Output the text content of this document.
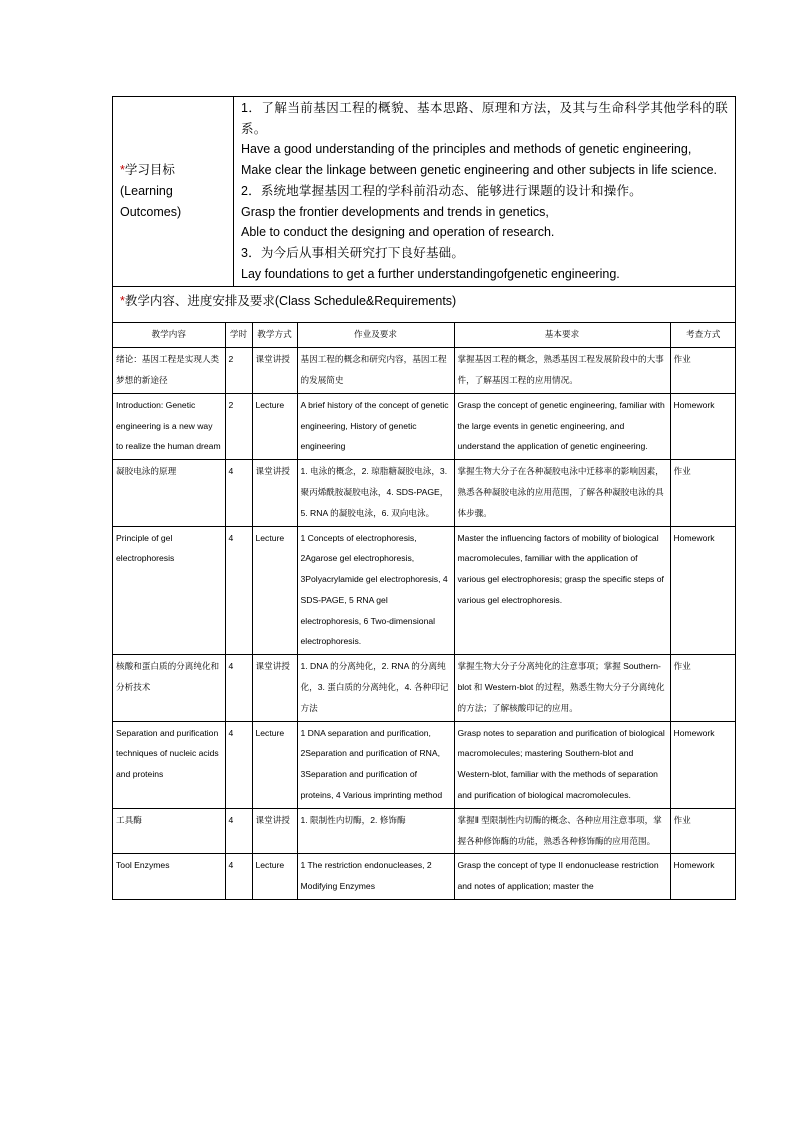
*学习目标
(Learning
Outcomes)

1．了解当前基因工程的概貌、基本思路、原理和方法，及其与生命科学其他学科的联系。

Have a good understanding of the principles and methods of genetic engineering,

Make clear the linkage between genetic engineering and other subjects in life science.

2．系统地掌握基因工程的学科前沿动态、能够进行课题的设计和操作。

Grasp the frontier developments and trends in genetics,

Able to conduct the designing and operation of research.

3．为今后从事相关研究打下良好基础。

Lay foundations to get a further understandingofgenetic engineering.

*教学内容、进度安排及要求(Class Schedule&Requirements)

教学内容	学时	教学方式	作业及要求	基本要求	考查方式
绪论：基因工程是实现人类梦想的新途径	2	课堂讲授	基因工程的概念和研究内容，基因工程的发展简史	掌握基因工程的概念，熟悉基因工程发展阶段中的大事件，了解基因工程的应用情况。	作业
Introduction: Genetic engineering is a new way to realize the human dream	2	Lecture	A brief history of the concept of genetic engineering, History of genetic engineering	Grasp the concept of genetic engineering, familiar with the large events in genetic engineering, and understand the application of genetic engineering.	Homework
凝胶电泳的原理	4	课堂讲授	1. 电泳的概念，2. 琼脂糖凝胶电泳，3. 聚丙烯酰胺凝胶电泳，4. SDS-PAGE， 5. RNA 的凝胶电泳，6. 双向电泳。	掌握生物大分子在各种凝胶电泳中迁移率的影响因素，熟悉各种凝胶电泳的应用范围，了解各种凝胶电泳的具体步骤。	作业
Principle of gel electrophoresis	4	Lecture	1 Concepts of electrophoresis, 2Agarose gel electrophoresis, 3Polyacrylamide gel electrophoresis, 4 SDS-PAGE, 5 RNA gel electrophoresis, 6 Two-dimensional electrophoresis.	Master the influencing factors of mobility of biological macromolecules, familiar with the application of various gel electrophoresis; grasp the specific steps of various gel electrophoresis.	Homework
核酸和蛋白质的分离纯化和分析技术	4	课堂讲授	1. DNA 的分离纯化，2. RNA 的分离纯化，3. 蛋白质的分离纯化，4. 各种印记方法	掌握生物大分子分离纯化的注意事项；掌握 Southern-blot 和 Western-blot 的过程，熟悉生物大分子分离纯化的方法；了解核酸印记的应用。	作业
Separation and purification techniques of nucleic acids and proteins	4	Lecture	1 DNA separation and purification, 2Separation and purification of RNA, 3Separation and purification of proteins, 4 Various imprinting method	Grasp notes to separation and purification of biological macromolecules; mastering Southern-blot and Western-blot, familiar with the methods of separation and purification of biological macromolecules.	Homework
工具酶	4	课堂讲授	1. 限制性内切酶，2. 修饰酶	掌握Ⅱ 型限制性内切酶的概念、各种应用注意事项，掌握各种修饰酶的功能，熟悉各种修饰酶的应用范围。	作业
Tool Enzymes	4	Lecture	1 The restriction endonucleases, 2 Modifying Enzymes	Grasp the concept of type II endonuclease restriction and notes of application; master the	Homework
